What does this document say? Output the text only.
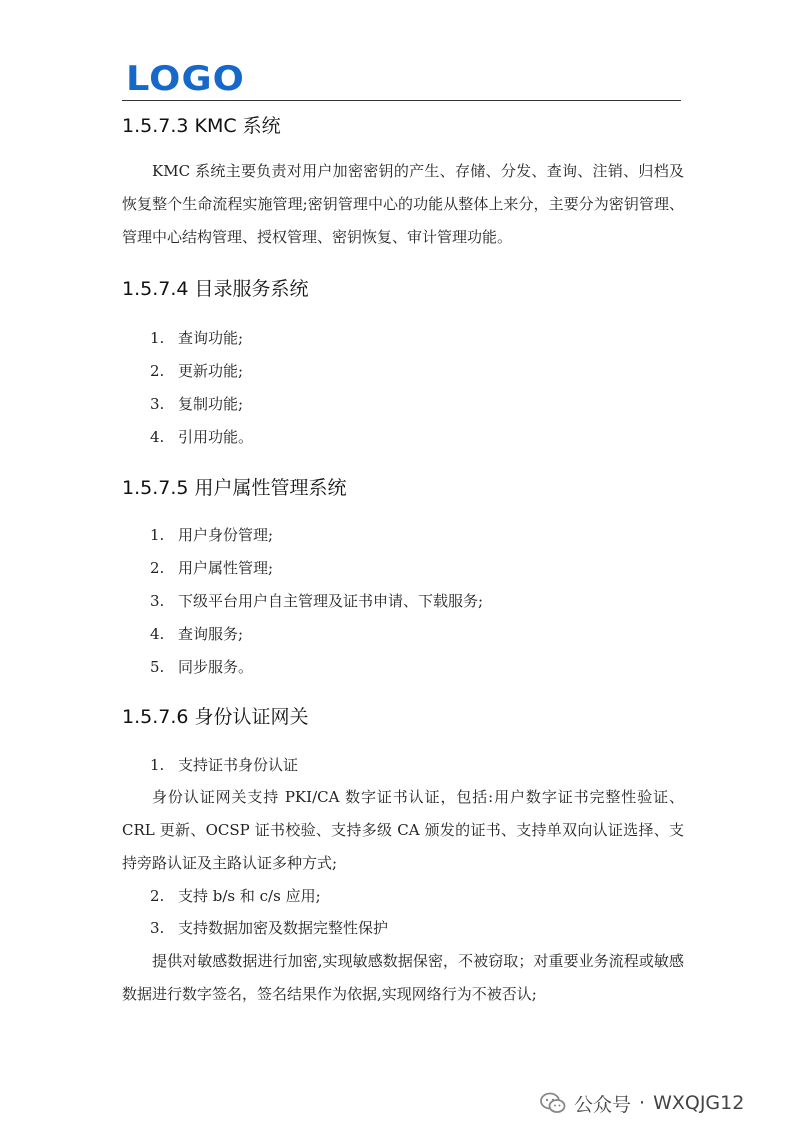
LOGO
1.5.7.3 KMC 系统
KMC 系统主要负责对用户加密密钥的产生、存储、分发、查询、注销、归档及恢复整个生命流程实施管理;密钥管理中心的功能从整体上来分，主要分为密钥管理、管理中心结构管理、授权管理、密钥恢复、审计管理功能。
1.5.7.4 目录服务系统
1. 查询功能;
2. 更新功能;
3. 复制功能;
4. 引用功能。
1.5.7.5 用户属性管理系统
1. 用户身份管理;
2. 用户属性管理;
3. 下级平台用户自主管理及证书申请、下载服务;
4. 查询服务;
5. 同步服务。
1.5.7.6 身份认证网关
1. 支持证书身份认证
身份认证网关支持 PKI/CA 数字证书认证，包括:用户数字证书完整性验证、CRL 更新、OCSP 证书校验、支持多级 CA 颁发的证书、支持单双向认证选择、支持旁路认证及主路认证多种方式;
2. 支持 b/s 和 c/s 应用;
3. 支持数据加密及数据完整性保护
提供对敏感数据进行加密,实现敏感数据保密，不被窃取；对重要业务流程或敏感数据进行数字签名，签名结果作为依据,实现网络行为不被否认;
公众号 · WXQJG12
